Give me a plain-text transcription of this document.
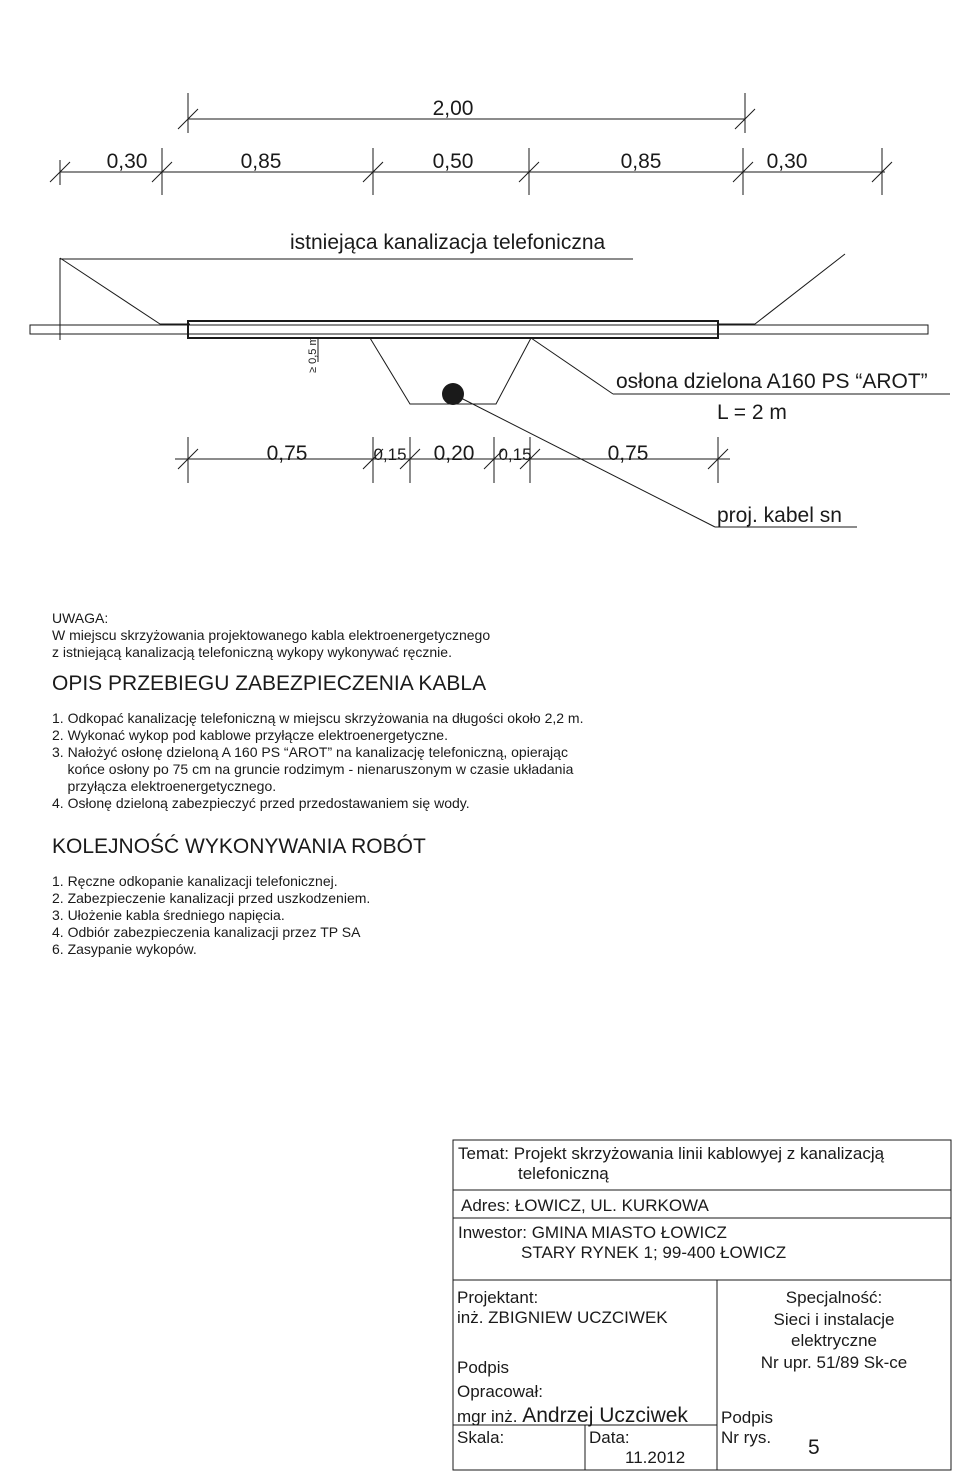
2,00
0,30	0,85	0,50	0,85	0,30
0,75	0,15 0,20 0,15	0,75
istniejąca kanalizacja telefoniczna
≥ 0,5 m
osłona dzielona A160 PS “AROT”
L = 2 m
proj. kabel sn

UWAGA:

W miejscu skrzyżowania projektowanego kabla elektroenergetycznego

z istniejącą kanalizacją telefoniczną wykopy wykonywać ręcznie.

OPIS PRZEBIEGU ZABEZPIECZENIA KABLA

1. Odkopać kanalizację telefoniczną w miejscu skrzyżowania na długości około 2,2 m.

2. Wykonać wykop pod kablowe przyłącze elektroenergetyczne.

3. Nałożyć osłonę dzieloną A 160 PS “AROT” na kanalizację telefoniczną, opierając

końce osłony po 75 cm na gruncie rodzimym - nienaruszonym w czasie układania

przyłącza elektroenergetycznego.

4. Osłonę dzieloną zabezpieczyć przed przedostawaniem się wody.

KOLEJNOŚĆ WYKONYWANIA ROBÓT

1. Ręczne odkopanie kanalizacji telefonicznej.

2. Zabezpieczenie kanalizacji przed uszkodzeniem.

3. Ułożenie kabla średniego napięcia.

4. Odbiór zabezpieczenia kanalizacji przez TP SA

6. Zasypanie wykopów.

Temat: Projekt skrzyżowania linii kablowyej z kanalizacją
telefoniczną
Adres: ŁOWICZ, UL. KURKOWA
Inwestor: GMINA MIASTO ŁOWICZ
STARY RYNEK 1; 99-400 ŁOWICZ
Projektant:
inż. ZBIGNIEW UCZCIWEK
Podpis
Opracował:
mgr inż. Andrzej Uczciwek Podpis
Specjalność:
Sieci i instalacje
elektryczne
Nr upr. 51/89 Sk-ce
Skala:	Data:
11.2012
Nr rys. 5
